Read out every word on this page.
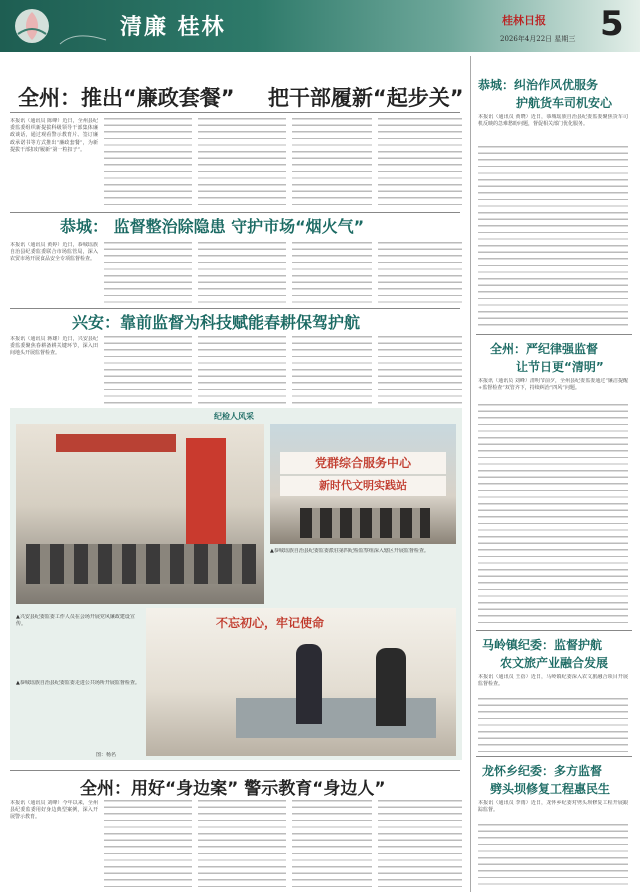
清廉 桂林	桂林日报
2026年4月22日 星期三 5
全州：推出“廉政套餐” 把干部履新“起步关”
本报讯（通讯员 陈峰）近日，全州县纪委监委组织新提拔科级领导干部集体廉政谈话，通过观看警示教育片、签订廉政承诺书等方式推出“廉政套餐”，为新提拔干部扣好履新“第一粒扣子”。
恭城： 监督整治除隐患 守护市场“烟火气”
本报讯（通讯员 黄婷）近日，恭城瑶族自治县纪委监委联合市场监管局，深入农贸市场开展食品安全专项监督检查。
兴安：靠前监督为科技赋能春耕保驾护航
本报讯（通讯员 蒋雄）近日，兴安县纪委监委聚焦春耕备耕关键环节，深入田间地头开展监督检查。
纪检人风采
党群综合服务中心
新时代文明实践站
▲恭城瑶族自治县纪委监委派驻第四纪检监察组深入辖区开展监督检查。
▲兴安县纪委监委工作人员在会场开展党风廉政建设宣传。
▲恭城瑶族自治县纪委监委走进公共场所开展监督检查。
图：杨名
不忘初心，牢记使命
全州：用好“身边案” 警示教育“身边人”
本报讯（通讯员 刘峰）今年以来，全州县纪委监委用好身边典型案例，深入开展警示教育。
恭城：纠治作风优服务
护航货车司机安心
本报讯（通讯员 黄晓）近日，恭城瑶族自治县纪委监委聚焦货车司机反映的急难愁盼问题，督促相关部门优化服务。
全州：严纪律强监督
让节日更“清明”
本报讯（通讯员 刘峰）清明节前夕，全州县纪委监委通过“廉洁提醒+监督检查”双管齐下，持续纠治“四风”问题。
马岭镇纪委：监督护航
农文旅产业融合发展
本报讯（通讯员 王蓓）近日，马岭镇纪委深入农文旅融合项目开展监督检查。
龙怀乡纪委：多方监督
劈头坝修复工程惠民生
本报讯（通讯员 李雨）近日，龙怀乡纪委对劈头坝修复工程开展跟踪监督。
